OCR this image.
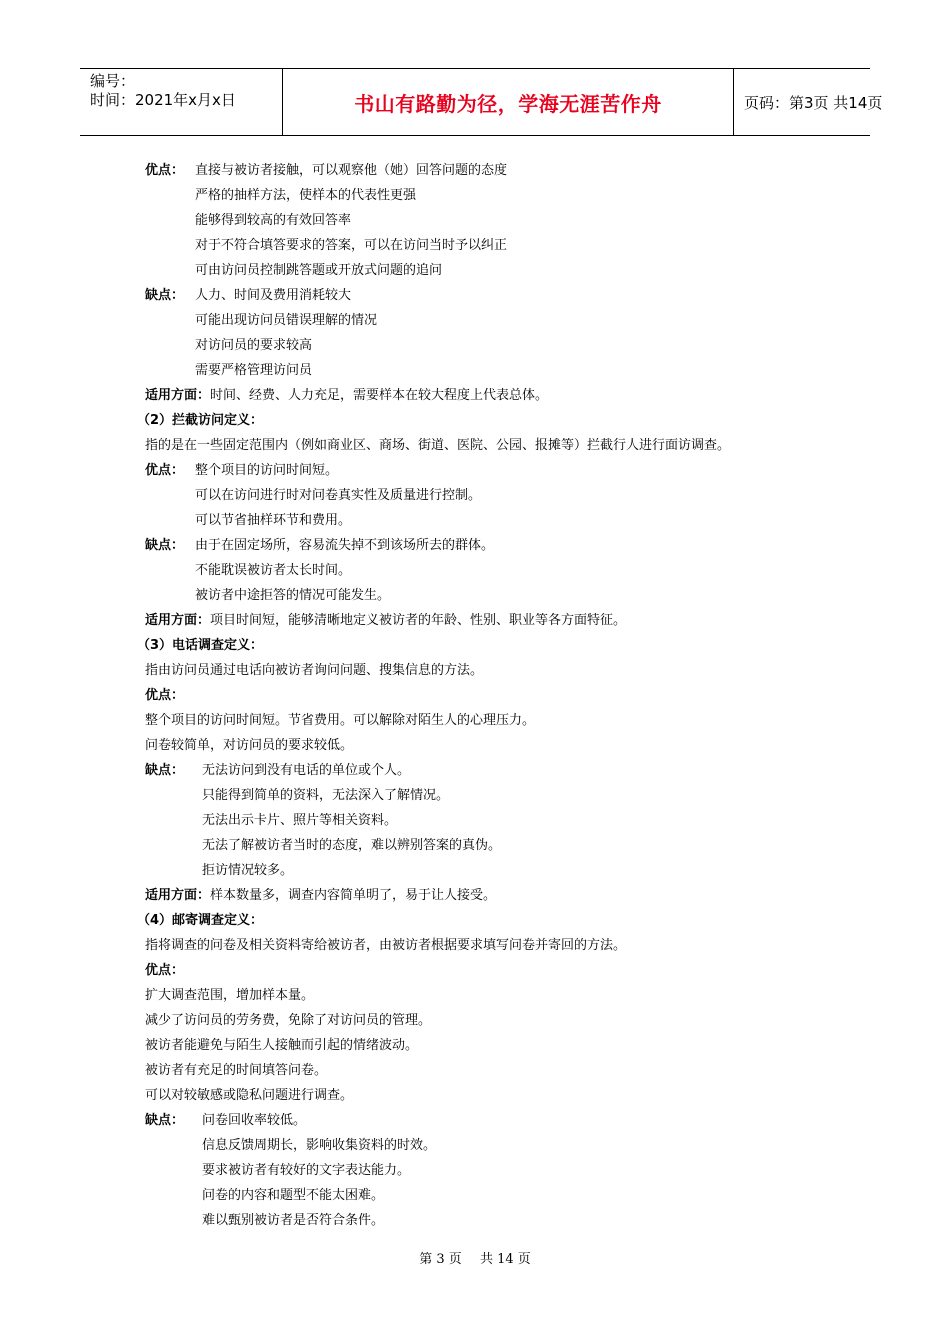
编号：
时间：2021年x月x日	书山有路勤为径，学海无涯苦作舟	页码：第3页 共14页
优点： 直接与被访者接触，可以观察他（她）回答问题的态度
严格的抽样方法，使样本的代表性更强
能够得到较高的有效回答率
对于不符合填答要求的答案，可以在访问当时予以纠正
可由访问员控制跳答题或开放式问题的追问
缺点： 人力、时间及费用消耗较大
可能出现访问员错误理解的情况
对访问员的要求较高
需要严格管理访问员
适用方面：时间、经费、人力充足，需要样本在较大程度上代表总体。
（2）拦截访问定义：
指的是在一些固定范围内（例如商业区、商场、街道、医院、公园、报摊等）拦截行人进行面访调查。
优点： 整个项目的访问时间短。
可以在访问进行时对问卷真实性及质量进行控制。
可以节省抽样环节和费用。
缺点： 由于在固定场所，容易流失掉不到该场所去的群体。
不能耽误被访者太长时间。
被访者中途拒答的情况可能发生。
适用方面：项目时间短，能够清晰地定义被访者的年龄、性别、职业等各方面特征。
（3）电话调查定义：
指由访问员通过电话向被访者询问问题、搜集信息的方法。
优点：
整个项目的访问时间短。节省费用。可以解除对陌生人的心理压力。
问卷较简单，对访问员的要求较低。
缺点： 无法访问到没有电话的单位或个人。
只能得到简单的资料，无法深入了解情况。
无法出示卡片、照片等相关资料。
无法了解被访者当时的态度，难以辨别答案的真伪。
拒访情况较多。
适用方面：样本数量多，调查内容简单明了，易于让人接受。
（4）邮寄调查定义：
指将调查的问卷及相关资料寄给被访者，由被访者根据要求填写问卷并寄回的方法。
优点：
扩大调查范围，增加样本量。
减少了访问员的劳务费，免除了对访问员的管理。
被访者能避免与陌生人接触而引起的情绪波动。
被访者有充足的时间填答问卷。
可以对较敏感或隐私问题进行调查。
缺点： 问卷回收率较低。
信息反馈周期长，影响收集资料的时效。
要求被访者有较好的文字表达能力。
问卷的内容和题型不能太困难。
难以甄别被访者是否符合条件。
第 3 页 共 14 页
